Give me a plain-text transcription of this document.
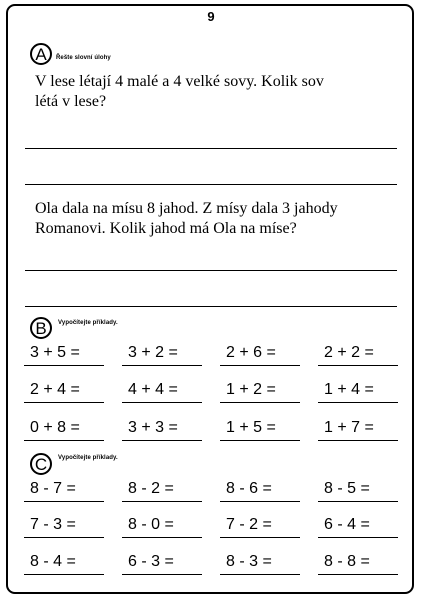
9
A	Řešte slovní úlohy
V lese létají 4 malé a 4 velké sovy. Kolik sov
létá v lese?
Ola dala na mísu 8 jahod. Z mísy dala 3 jahody
Romanovi. Kolik jahod má Ola na míse?
B	Vypočítejte příklady.
3 + 5 =	3 + 2 =	2 + 6 =	2 + 2 =
2 + 4 =	4 + 4 =	1 + 2 =	1 + 4 =
0 + 8 =	3 + 3 =	1 + 5 =	1 + 7 =
C	Vypočítejte příklady.
8 - 7 =	8 - 2 =	8 - 6 =	8 - 5 =
7 - 3 =	8 - 0 =	7 - 2 =	6 - 4 =
8 - 4 =	6 - 3 =	8 - 3 =	8 - 8 =
